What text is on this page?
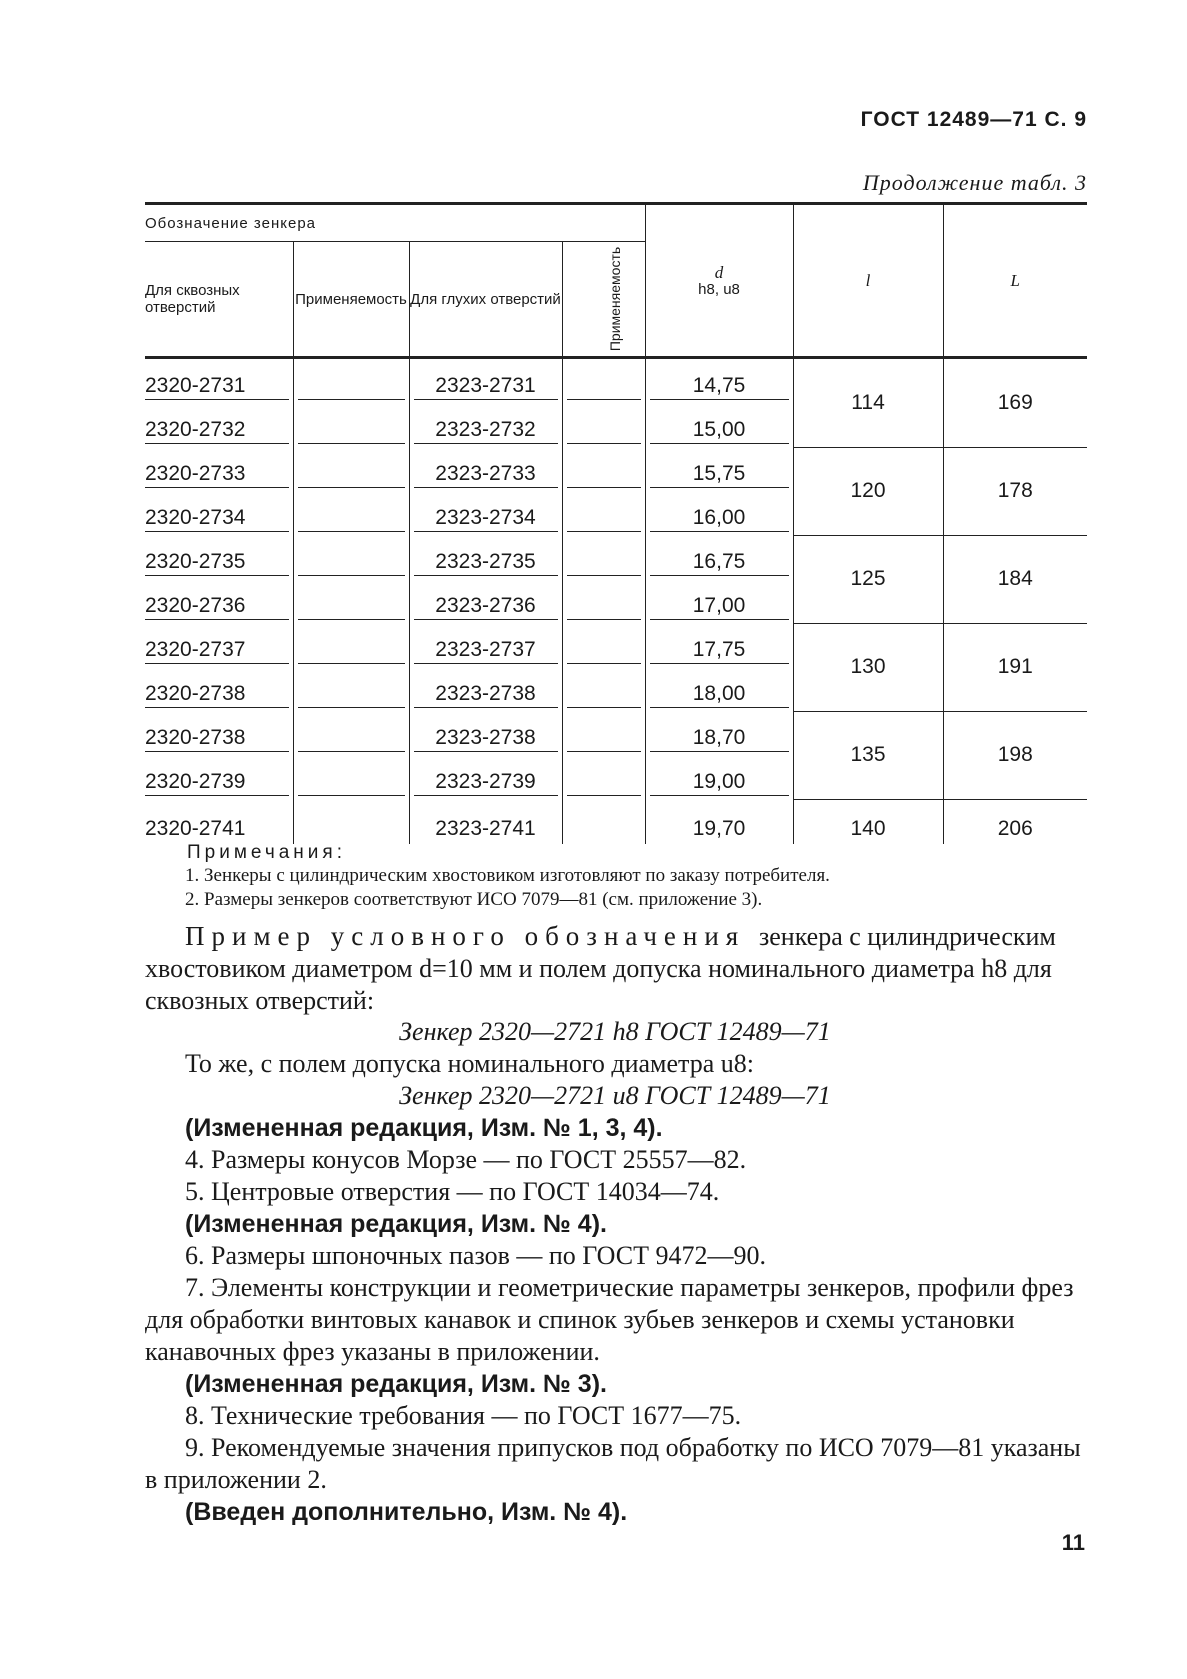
ГОСТ 12489—71 С. 9
Продолжение табл. 3
Обозначение зенкера				d
h8, u8	l	L
Для сквозных отверстий	Применяемость	Для глухих отверстий	Применяемость			

2320-2731		2323-2731		14,75	114	169

2320-2732		2323-2732		15,00		

2320-2733		2323-2733		15,75	120	178

2320-2734		2323-2734		16,00		

2320-2735		2323-2735		16,75	125	184

2320-2736		2323-2736		17,00		

2320-2737		2323-2737		17,75	130	191

2320-2738		2323-2738		18,00		

2320-2738		2323-2738		18,70	135	198

2320-2739		2323-2739		19,00		

2320-2741		2323-2741		19,70	140	206
Примечания:
1. Зенкеры с цилиндрическим хвостовиком изготовляют по заказу потребителя.
2. Размеры зенкеров соответствуют ИСО 7079—81 (см. приложение 3).
Пример условного обозначения зенкера с цилиндрическим хвостовиком диаметром d=10 мм и полем допуска номинального диаметра h8 для сквозных отверстий:
Зенкер 2320—2721 h8 ГОСТ 12489—71
То же, с полем допуска номинального диаметра u8:
Зенкер 2320—2721 u8 ГОСТ 12489—71
(Измененная редакция, Изм. № 1, 3, 4).
4. Размеры конусов Морзе — по ГОСТ 25557—82.
5. Центровые отверстия — по ГОСТ 14034—74.
(Измененная редакция, Изм. № 4).
6. Размеры шпоночных пазов — по ГОСТ 9472—90.
7. Элементы конструкции и геометрические параметры зенкеров, профили фрез для обработки винтовых канавок и спинок зубьев зенкеров и схемы установки канавочных фрез указаны в приложении.
(Измененная редакция, Изм. № 3).
8. Технические требования — по ГОСТ 1677—75.
9. Рекомендуемые значения припусков под обработку по ИСО 7079—81 указаны в приложении 2.
(Введен дополнительно, Изм. № 4).
11
